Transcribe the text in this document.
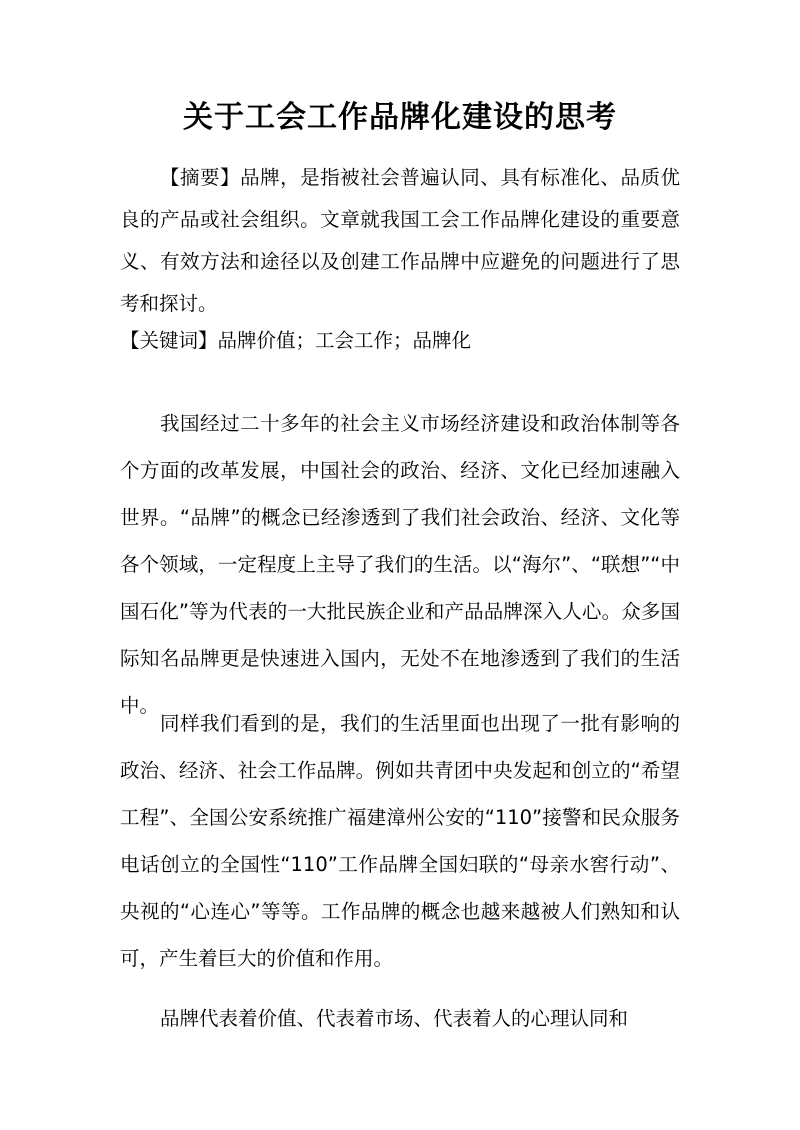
关于工会工作品牌化建设的思考

【摘要】品牌，是指被社会普遍认同、具有标准化、品质优良的产品或社会组织。文章就我国工会工作品牌化建设的重要意义、有效方法和途径以及创建工作品牌中应避免的问题进行了思考和探讨。

【关键词】品牌价值；工会工作；品牌化

我国经过二十多年的社会主义市场经济建设和政治体制等各个方面的改革发展，中国社会的政治、经济、文化已经加速融入世界。“品牌”的概念已经渗透到了我们社会政治、经济、文化等各个领域，一定程度上主导了我们的生活。以“海尔”、“联想”“中国石化”等为代表的一大批民族企业和产品品牌深入人心。众多国际知名品牌更是快速进入国内，无处不在地渗透到了我们的生活中。

同样我们看到的是，我们的生活里面也出现了一批有影响的政治、经济、社会工作品牌。例如共青团中央发起和创立的“希望工程”、全国公安系统推广福建漳州公安的“110”接警和民众服务电话创立的全国性“110”工作品牌全国妇联的“母亲水窖行动”、央视的“心连心”等等。工作品牌的概念也越来越被人们熟知和认可，产生着巨大的价值和作用。

品牌代表着价值、代表着市场、代表着人的心理认同和
